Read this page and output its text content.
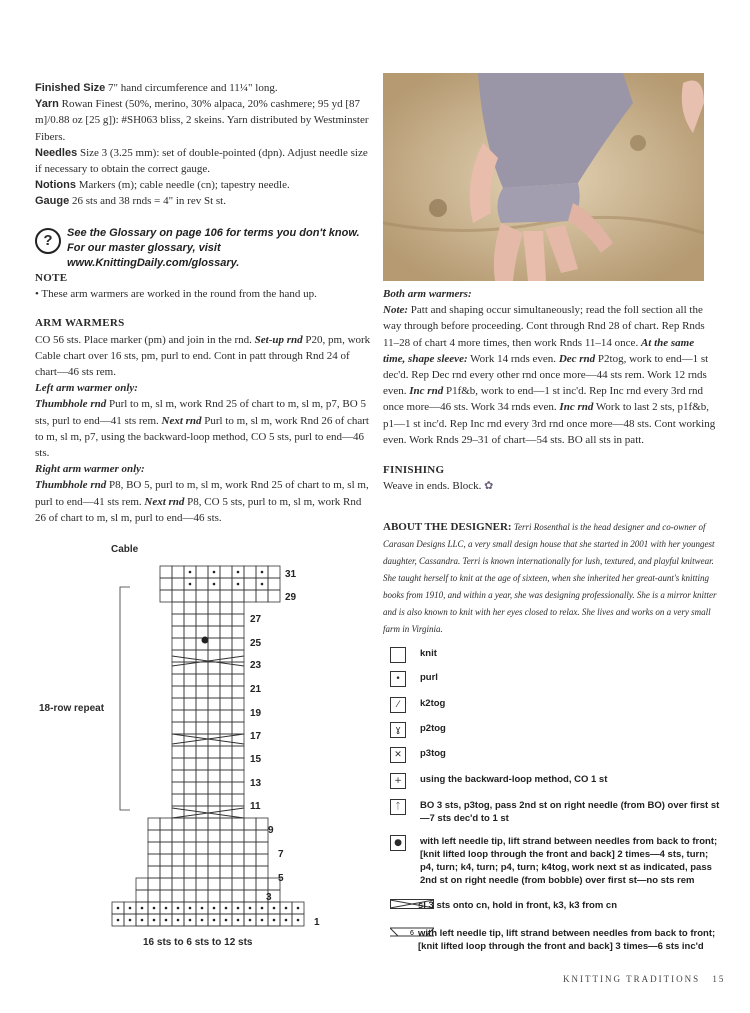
Finished Size 7" hand circumference and 11¼" long.

Yarn Rowan Finest (50%, merino, 30% alpaca, 20% cashmere; 95 yd [87 m]/0.88 oz [25 g]): #SH063 bliss, 2 skeins. Yarn distributed by Westminster Fibers.

Needles Size 3 (3.25 mm): set of double-pointed (dpn). Adjust needle size if necessary to obtain the correct gauge.

Notions Markers (m); cable needle (cn); tapestry needle.

Gauge 26 sts and 38 rnds = 4" in rev St st.

?	See the Glossary on page 106 for terms you don't know. For our master glossary, visit www.KnittingDaily.com/glossary.

NOTE

• These arm warmers are worked in the round from the hand up.

ARM WARMERS

CO 56 sts. Place marker (pm) and join in the rnd. Set-up rnd P20, pm, work Cable chart over 16 sts, pm, purl to end. Cont in patt through Rnd 24 of chart—46 sts rem.

Left arm warmer only:

Thumbhole rnd Purl to m, sl m, work Rnd 25 of chart to m, sl m, p7, BO 5 sts, purl to end—41 sts rem. Next rnd Purl to m, sl m, work Rnd 26 of chart to m, sl m, p7, using the backward-loop method, CO 5 sts, purl to end—46 sts.

Right arm warmer only:

Thumbhole rnd P8, BO 5, purl to m, sl m, work Rnd 25 of chart to m, sl m, purl to end—41 sts rem. Next rnd P8, CO 5 sts, purl to m, sl m, work Rnd 26 of chart to m, sl m, purl to end—46 sts.

Both arm warmers:

Note: Patt and shaping occur simultaneously; read the foll section all the way through before proceeding. Cont through Rnd 28 of chart. Rep Rnds 11–28 of chart 4 more times, then work Rnds 11–14 once. At the same time, shape sleeve: Work 14 rnds even. Dec rnd P2tog, work to end—1 st dec'd. Rep Dec rnd every other rnd once more—44 sts rem. Work 12 rnds even. Inc rnd P1f&b, work to end—1 st inc'd. Rep Inc rnd every 3rd rnd once more—46 sts. Work 34 rnds even. Inc rnd Work to last 2 sts, p1f&b, p1—1 st inc'd. Rep Inc rnd every 3rd rnd once more—48 sts. Cont working even. Work Rnds 29–31 of chart—54 sts. BO all sts in patt.

FINISHING

Weave in ends. Block. ✿

ABOUT THE DESIGNER: Terri Rosenthal is the head designer and co-owner of Carasan Designs LLC, a very small design house that she started in 2001 with her youngest daughter, Cassandra. Terri is known internationally for lush, textured, and playful knitwear. She taught herself to knit at the age of sixteen, when she inherited her great-aunt's knitting books from 1910, and within a year, she was designing professionally. She is a mirror knitter and is also known to knit with her eyes closed to relax. She lives and works on a very small farm in Virginia.
Cable
18-row repeat
16 sts to 6 sts to 12 sts
31
29
27
25
23
21
19
17
15
13
11
9
7
5
3
1
knit
•	purl
⁄	k2tog
ɣ	p2tog
✕	p3tog
+	using the backward-loop method, CO 1 st
ᛏ	BO 3 sts, p3tog, pass 2nd st on right needle (from BO) over first st—7 sts dec'd to 1 st
●	with left needle tip, lift strand between needles from back to front; [knit lifted loop through the front and back] 2 times—4 sts, turn; p4, turn; k4, turn; p4, turn; k4tog, work next st as indicated, pass 2nd st on right needle (from bobble) over first st—no sts rem
sl 3 sts onto cn, hold in front, k3, k3 from cn
6 with left needle tip, lift strand between needles from back to front; [knit lifted loop through the front and back] 3 times—6 sts inc'd
KNITTING TRADITIONS 15
